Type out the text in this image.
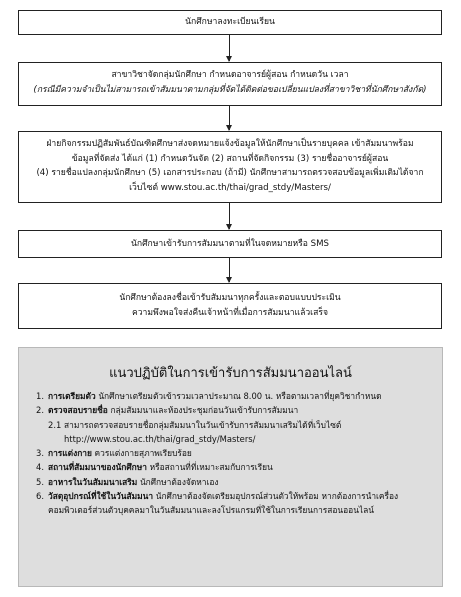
นักศึกษาลงทะเบียนเรียน
สาขาวิชาจัดกลุ่มนักศึกษา กำหนดอาจารย์ผู้สอน กำหนดวัน เวลา
(กรณีมีความจำเป็นไม่สามารถเข้าสัมมนาตามกลุ่มที่จัดได้ติดต่อขอเปลี่ยนแปลงที่สาขาวิชาที่นักศึกษาสังกัด)
ฝ่ายกิจกรรมปฏิสัมพันธ์บัณฑิตศึกษาส่งจดหมายแจ้งข้อมูลให้นักศึกษาเป็นรายบุคคล เข้าสัมมนาพร้อม
ข้อมูลที่จัดส่ง ได้แก่ (1) กำหนดวันจัด (2) สถานที่จัดกิจกรรม (3) รายชื่ออาจารย์ผู้สอน
(4) รายชื่อแปลงกลุ่มนักศึกษา (5) เอกสารประกอบ (ถ้ามี) นักศึกษาสามารถตรวจสอบข้อมูลเพิ่มเติมได้จาก
เว็บไซต์ www.stou.ac.th/thai/grad_stdy/Masters/
นักศึกษาเข้ารับการสัมมนาตามที่ในจดหมายหรือ SMS
นักศึกษาต้องลงชื่อเข้ารับสัมมนาทุกครั้งและตอบแบบประเมิน
ความพึงพอใจส่งคืนเจ้าหน้าที่เมื่อการสัมมนาแล้วเสร็จ
แนวปฏิบัติในการเข้ารับการสัมมนาออนไลน์
1. การเตรียมตัว นักศึกษาเตรียมตัวเข้ารวมเวลาประมาณ 8.00 น. หรือตามเวลาที่ยุควิชากำหนด
2. ตรวจสอบรายชื่อ กลุ่มสัมมนาและห้องประชุมก่อนวันเข้ารับการสัมมนา
2.1 สามารถตรวจสอบรายชื่อกลุ่มสัมมนาในวันเข้ารับการสัมมนาเสริมได้ที่เว็บไซต์
http://www.stou.ac.th/thai/grad_stdy/Masters/
3. การแต่งกาย ควรแต่งกายสุภาพเรียบร้อย
4. สถานที่สัมมนาของนักศึกษา หรือสถานที่ที่เหมาะสมกับการเรียน
5. อาหารในวันสัมมนาเสริม นักศึกษาต้องจัดหาเอง
6. วัสดุอุปกรณ์ที่ใช้ในวันสัมมนา นักศึกษาต้องจัดเตรียมอุปกรณ์ส่วนตัวให้พร้อม หากต้องการนำเครื่อง
คอมพิวเตอร์ส่วนตัวบุคคลมาในวันสัมมนาและลงโปรแกรมที่ใช้ในการเรียนการสอนออนไลน์
